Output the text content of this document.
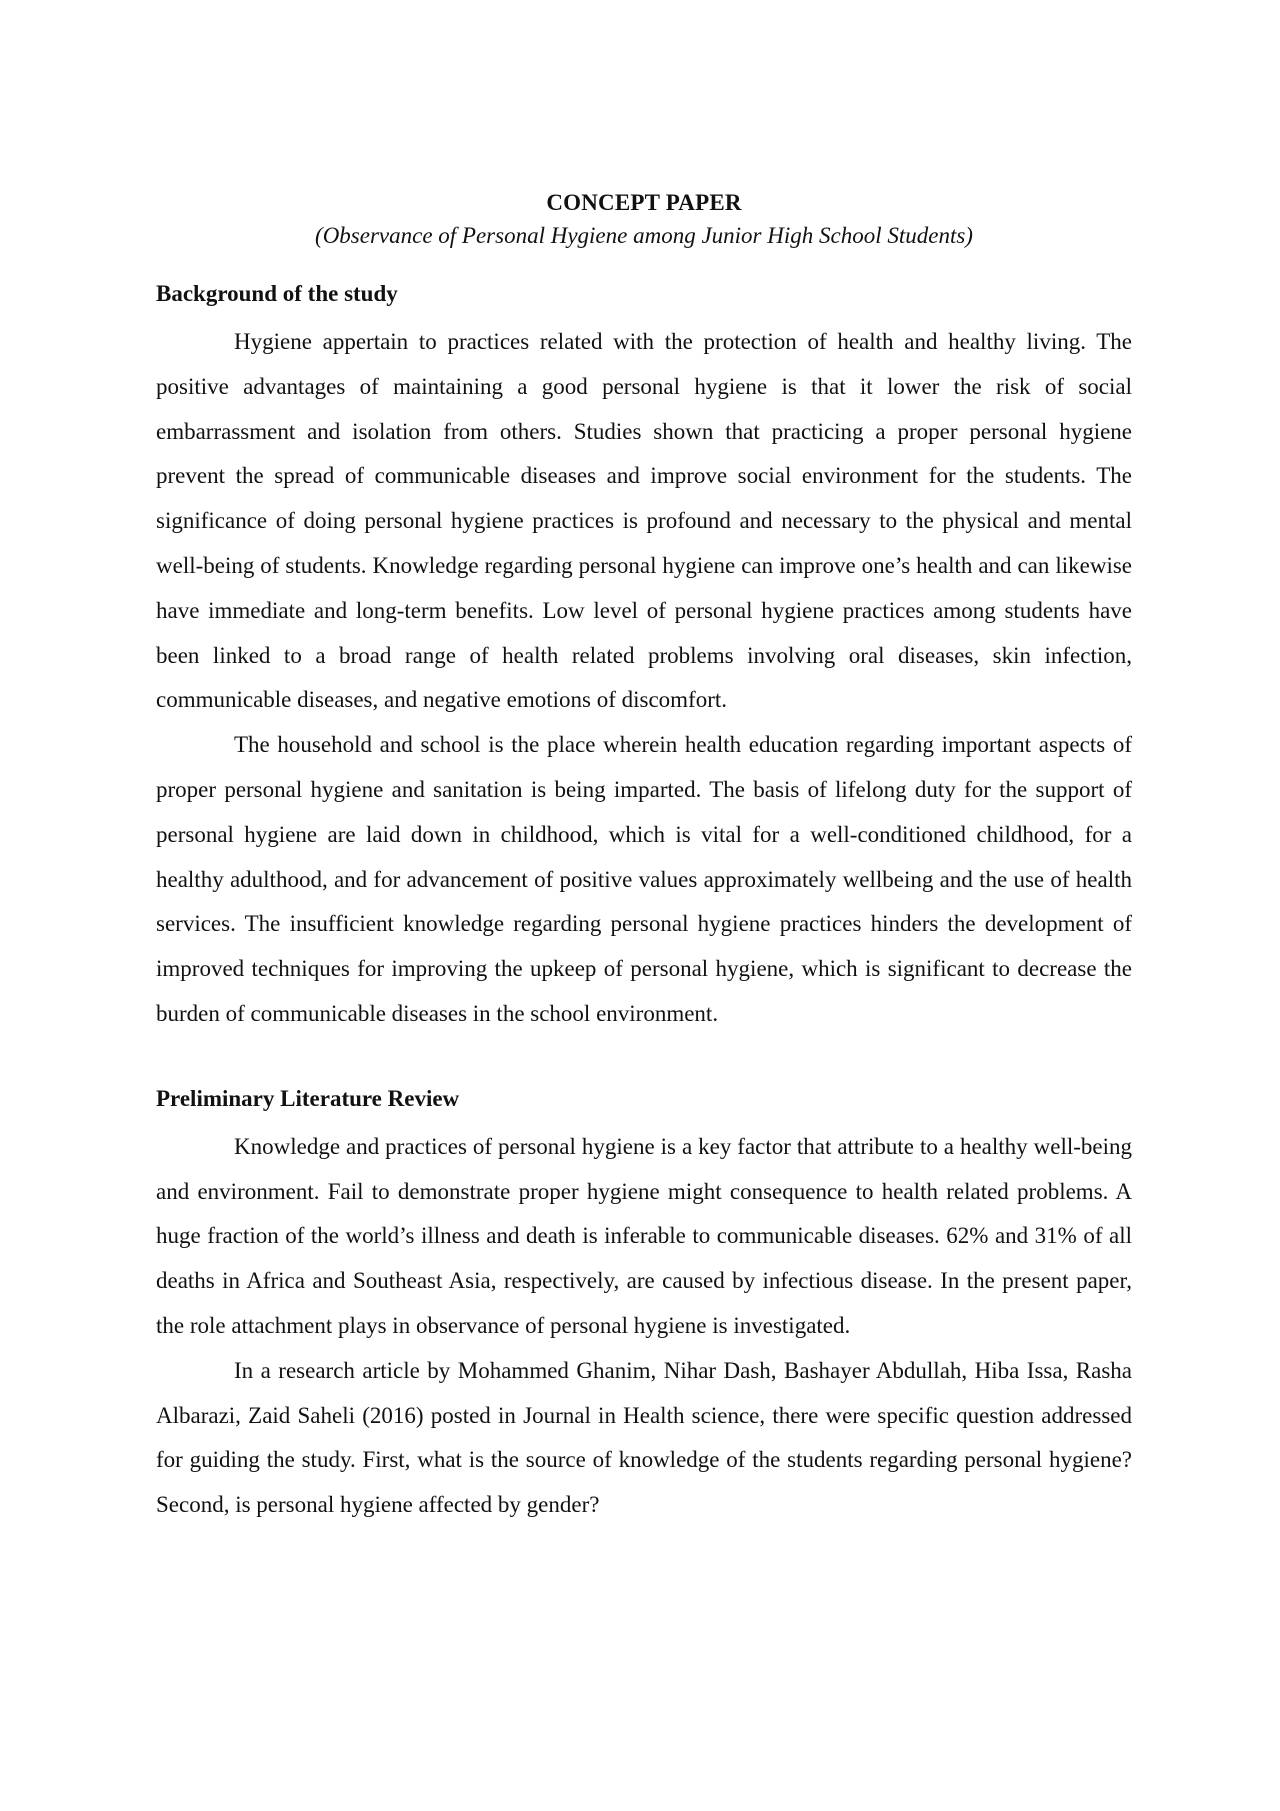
CONCEPT PAPER

(Observance of Personal Hygiene among Junior High School Students)

Background of the study

Hygiene appertain to practices related with the protection of health and healthy living. The positive advantages of maintaining a good personal hygiene is that it lower the risk of social embarrassment and isolation from others. Studies shown that practicing a proper personal hygiene prevent the spread of communicable diseases and improve social environment for the students. The significance of doing personal hygiene practices is profound and necessary to the physical and mental well-being of students. Knowledge regarding personal hygiene can improve one’s health and can likewise have immediate and long-term benefits. Low level of personal hygiene practices among students have been linked to a broad range of health related problems involving oral diseases, skin infection, communicable diseases, and negative emotions of discomfort.

The household and school is the place wherein health education regarding important aspects of proper personal hygiene and sanitation is being imparted. The basis of lifelong duty for the support of personal hygiene are laid down in childhood, which is vital for a well-conditioned childhood, for a healthy adulthood, and for advancement of positive values approximately wellbeing and the use of health services. The insufficient knowledge regarding personal hygiene practices hinders the development of improved techniques for improving the upkeep of personal hygiene, which is significant to decrease the burden of communicable diseases in the school environment.

Preliminary Literature Review

Knowledge and practices of personal hygiene is a key factor that attribute to a healthy well-being and environment. Fail to demonstrate proper hygiene might consequence to health related problems. A huge fraction of the world’s illness and death is inferable to communicable diseases. 62% and 31% of all deaths in Africa and Southeast Asia, respectively, are caused by infectious disease. In the present paper, the role attachment plays in observance of personal hygiene is investigated.

In a research article by Mohammed Ghanim, Nihar Dash, Bashayer Abdullah, Hiba Issa, Rasha Albarazi, Zaid Saheli (2016) posted in Journal in Health science, there were specific question addressed for guiding the study. First, what is the source of knowledge of the students regarding personal hygiene? Second, is personal hygiene affected by gender?
